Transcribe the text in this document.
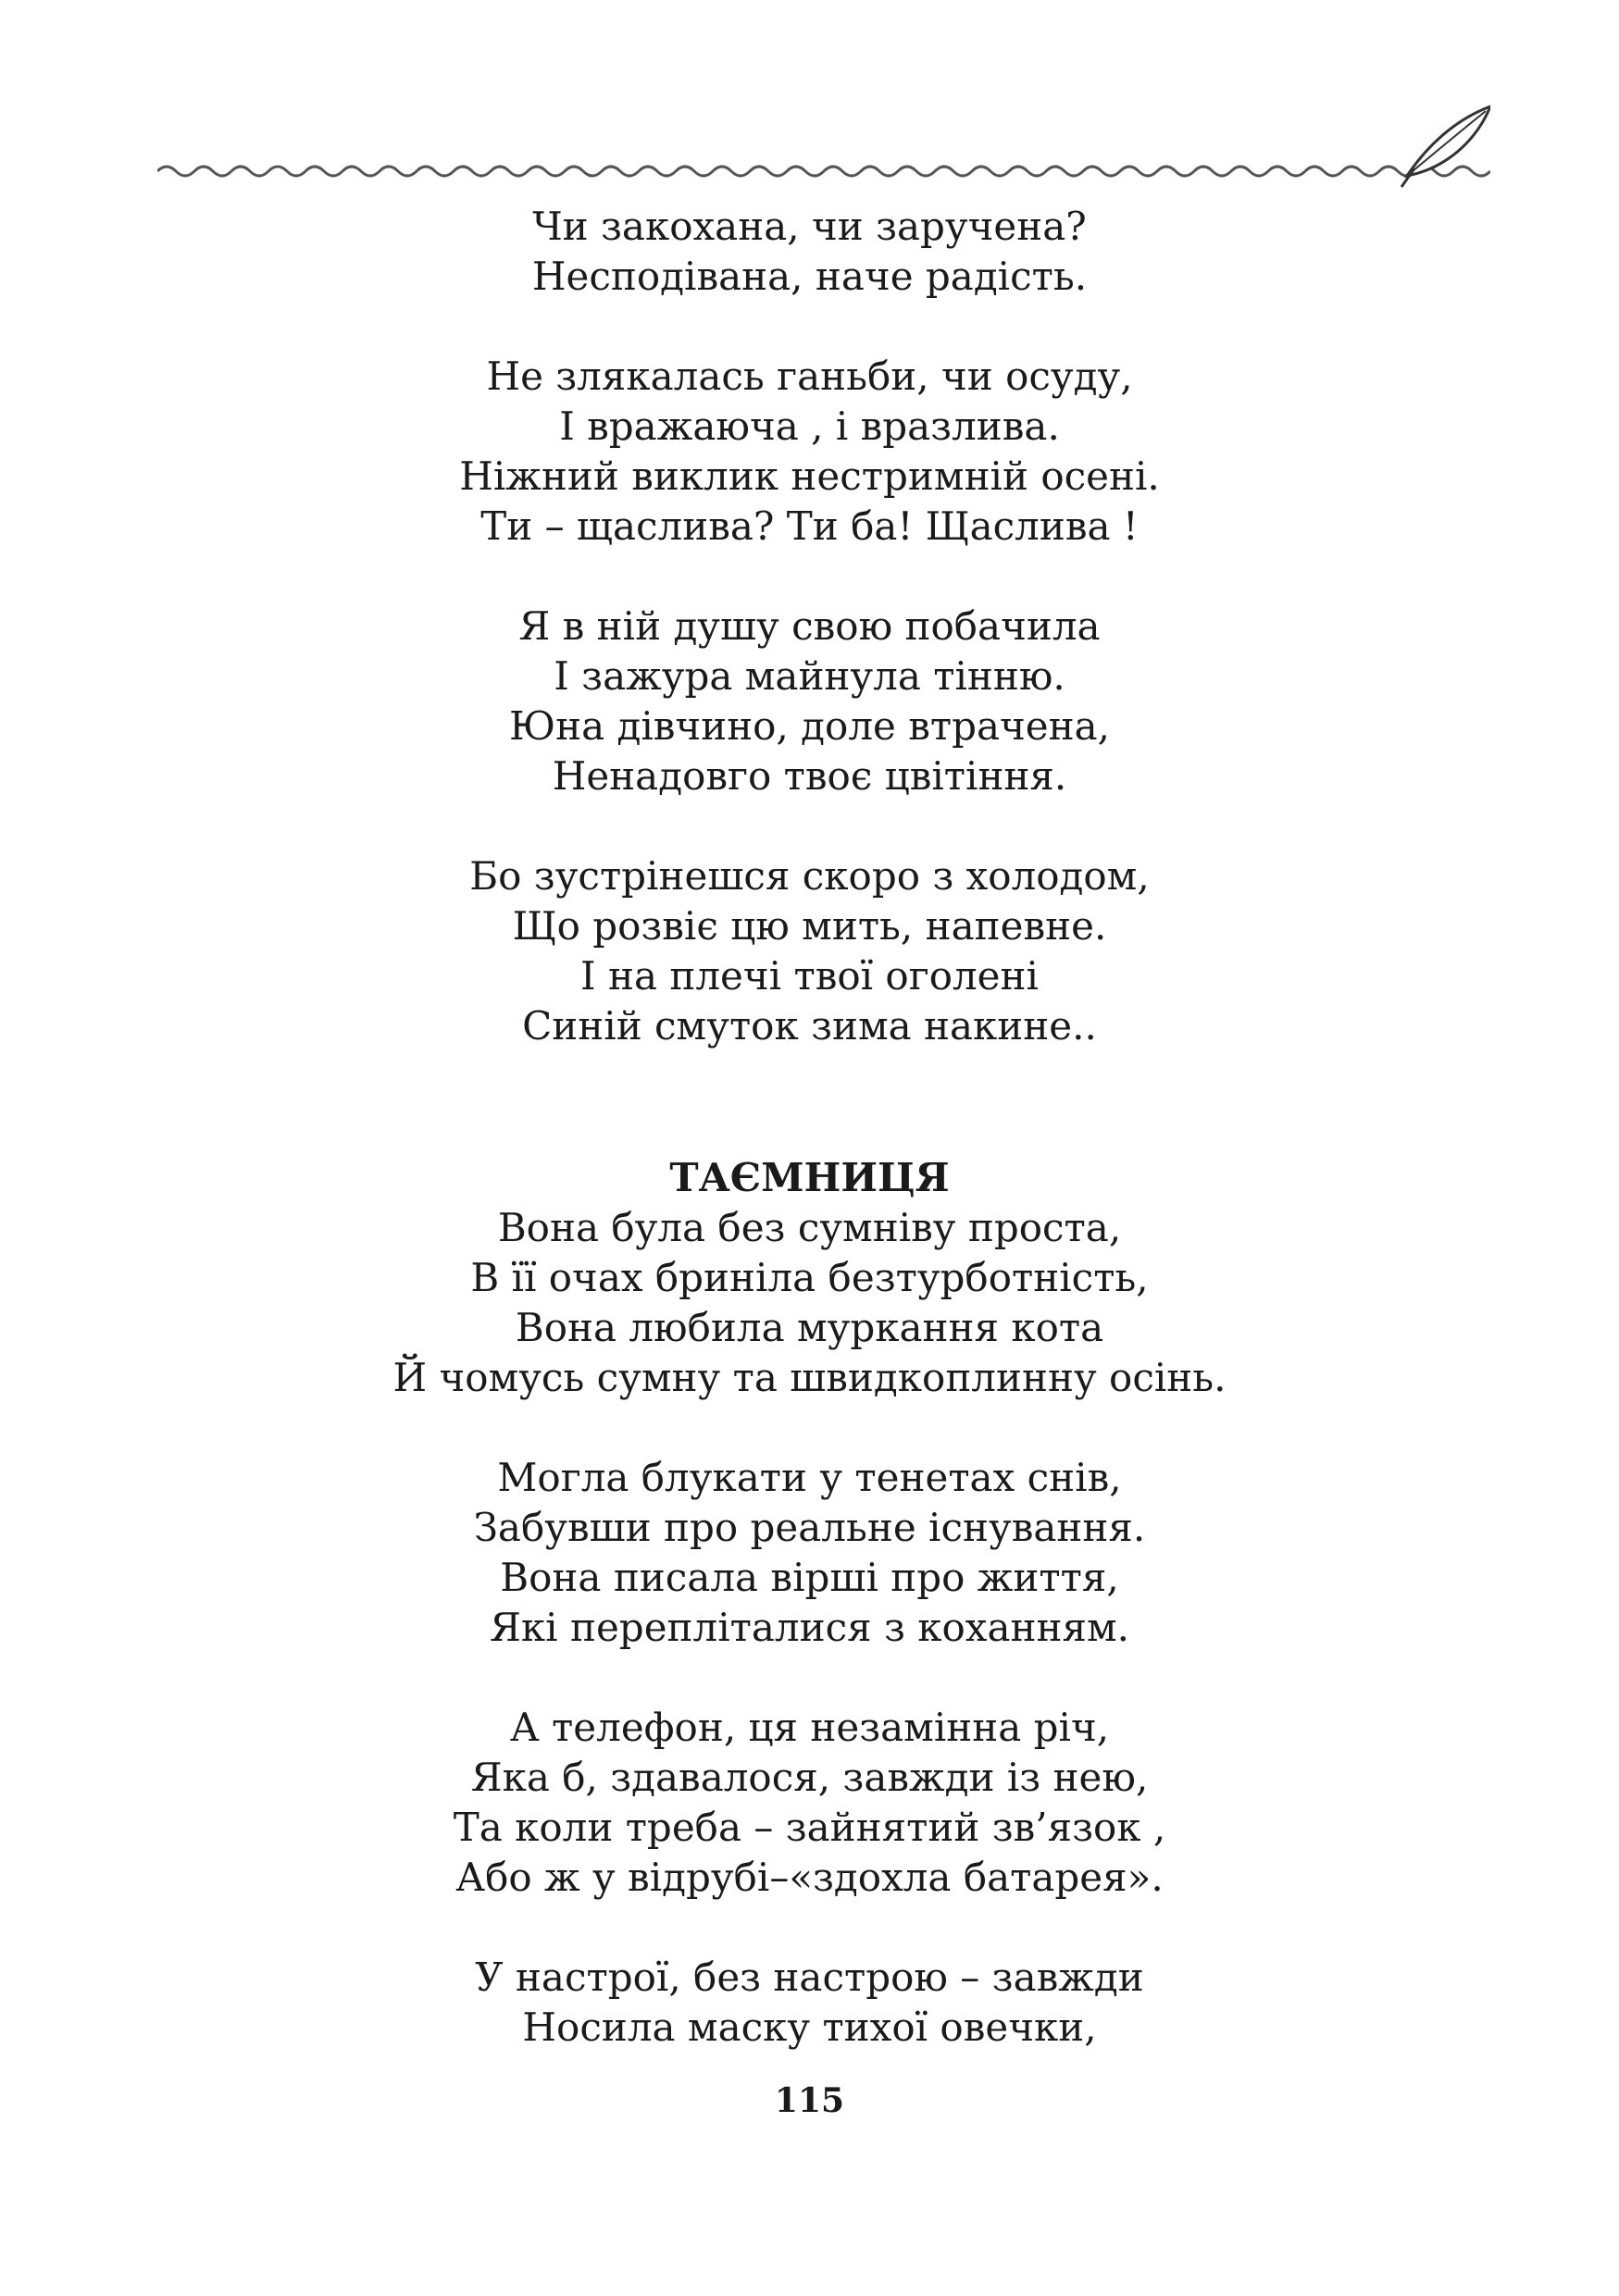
Чи закохана, чи заручена?
Несподівана, наче радість.
Не злякалась ганьби, чи осуду,
І вражаюча , і вразлива.
Ніжний виклик нестримній осені.
Ти – щаслива? Ти ба! Щаслива !
Я в ній душу свою побачила
І зажура майнула тінню.
Юна дівчино, доле втрачена,
Ненадовго твоє цвітіння.
Бо зустрінешся скоро з холодом,
Що розвіє цю мить, напевне.
І на плечі твої оголені
Синій смуток зима накине..
ТАЄМНИЦЯ
Вона була без сумніву проста,
В її очах бриніла безтурботність,
Вона любила муркання кота
Й чомусь сумну та швидкоплинну осінь.
Могла блукати у тенетах снів,
Забувши про реальне існування.
Вона писала вірші про життя,
Які перепліталися з коханням.
А телефон, ця незамінна річ,
Яка б, здавалося, завжди із нею,
Та коли треба – зайнятий зв’язок ,
Або ж у відрубі–«здохла батарея».
У настрої, без настрою – завжди
Носила маску тихої овечки,
115
